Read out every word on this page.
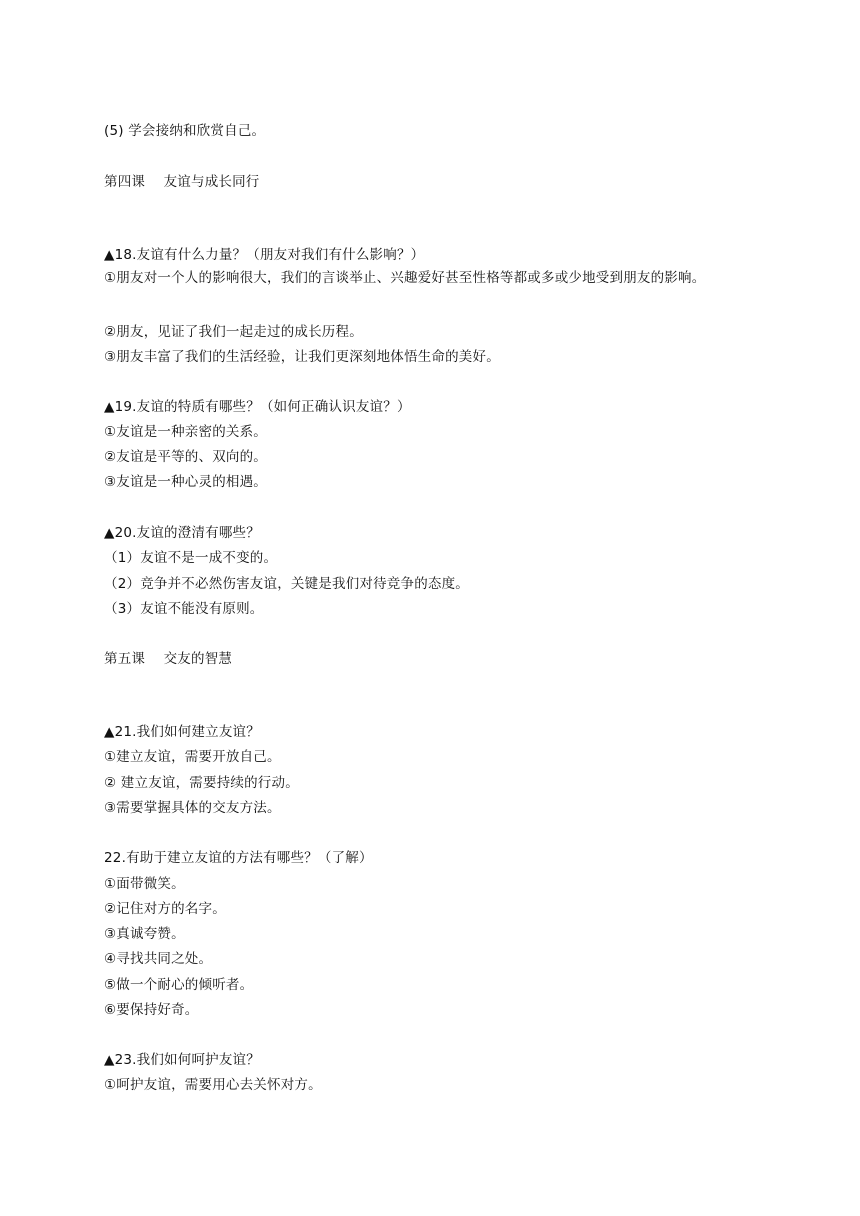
(5) 学会接纳和欣赏自己。
第四课 友谊与成长同行
▲18.友谊有什么力量？（朋友对我们有什么影响？）
①朋友对一个人的影响很大，我们的言谈举止、兴趣爱好甚至性格等都或多或少地受到朋友的影响。
②朋友，见证了我们一起走过的成长历程。
③朋友丰富了我们的生活经验，让我们更深刻地体悟生命的美好。
▲19.友谊的特质有哪些？（如何正确认识友谊？）
①友谊是一种亲密的关系。
②友谊是平等的、双向的。
③友谊是一种心灵的相遇。
▲20.友谊的澄清有哪些？
（1）友谊不是一成不变的。
（2）竞争并不必然伤害友谊，关键是我们对待竞争的态度。
（3）友谊不能没有原则。
第五课 交友的智慧
▲21.我们如何建立友谊？
①建立友谊，需要开放自己。
② 建立友谊，需要持续的行动。
③需要掌握具体的交友方法。
22.有助于建立友谊的方法有哪些？（了解）
①面带微笑。
②记住对方的名字。
③真诚夸赞。
④寻找共同之处。
⑤做一个耐心的倾听者。
⑥要保持好奇。
▲23.我们如何呵护友谊？
①呵护友谊，需要用心去关怀对方。
